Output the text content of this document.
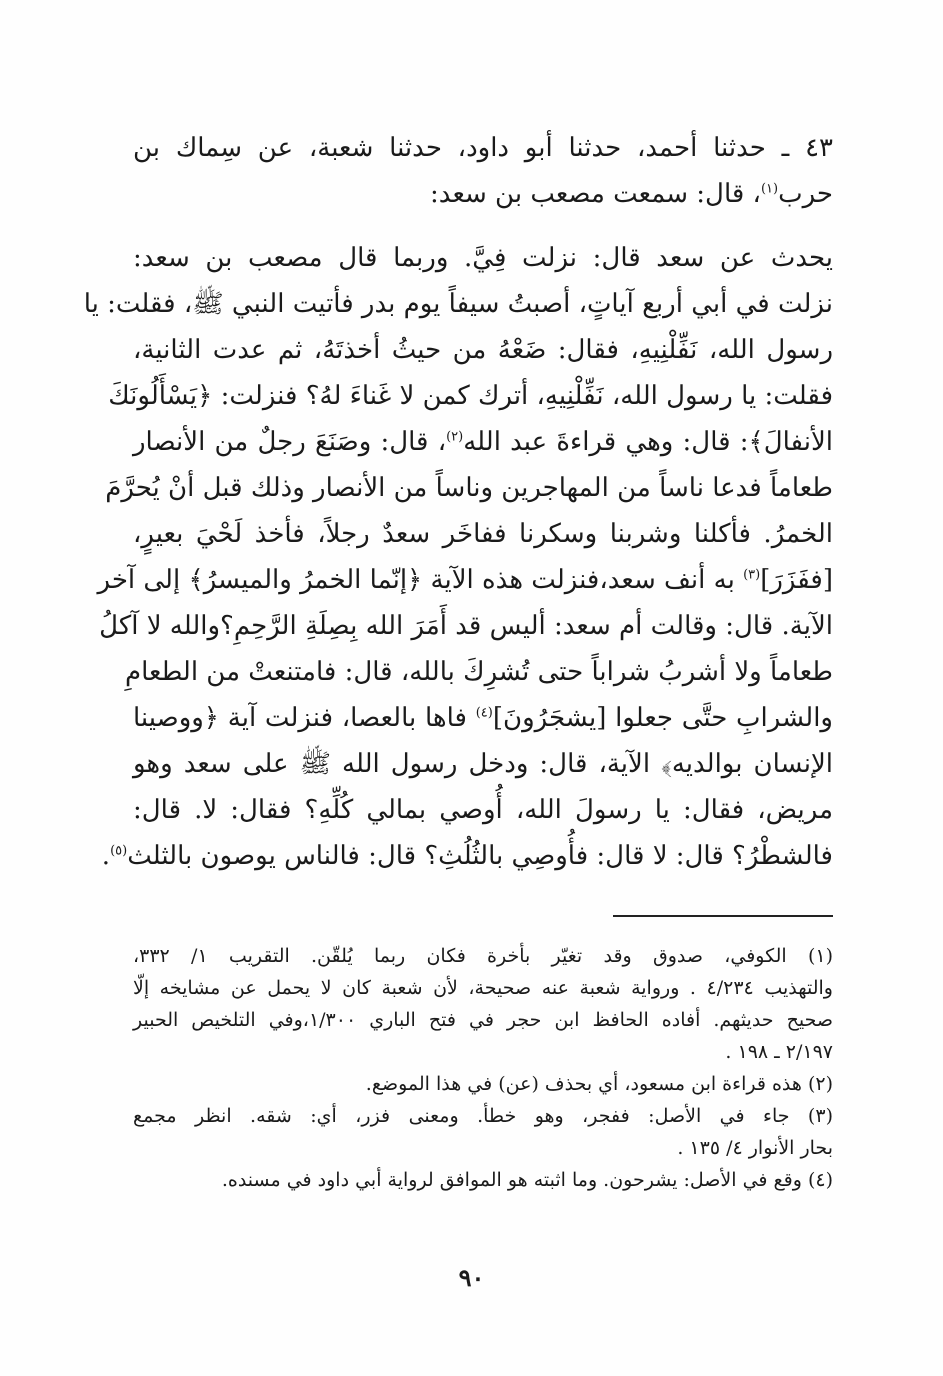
٤٣ ـ حدثنا أحمد، حدثنا أبو داود، حدثنا شعبة، عن سِماك بن
حرب$^{(١)}$، قال: سمعت مصعب بن سعد:
يحدث عن سعد قال: نزلت فِيَّ. وربما قال مصعب بن سعد:
نزلت في أبي أربع آياتٍ، أصبتُ سيفاً يوم بدر فأتيت النبي ﷺ، فقلت: يا
رسول الله، نَفِّلْنِيهِ، فقال: ضَعْهُ من حيثُ أخذتَهُ، ثم عدت الثانية،
فقلت: يا رسول الله، نَفِّلْنِيهِ، أترك كمن لا غَناءَ لهُ؟ فنزلت: ﴿يَسْأَلُونَكَ
الأنفالَ﴾: قال: وهي قراءةَ عبد الله$^{(٢)}$، قال: وصَنَعَ رجلٌ من الأنصار
طعاماً فدعا ناساً من المهاجرين وناساً من الأنصار وذلك قبل أنْ يُحرَّمَ
الخمرُ. فأكلنا وشربنا وسكرنا ففاخَر سعدٌ رجلاً، فأخذ لَحْيَ بعيرٍ،
[ففَزَرَ]$^{(٣)}$ به أنف سعد،فنزلت هذه الآية ﴿إنّما الخمرُ والميسرُ﴾ إلى آخر
الآية. قال: وقالت أم سعد: أليس قد أَمَرَ الله بِصِلَةِ الرَّحِمِ؟والله لا آكلُ
طعاماً ولا أشربُ شراباً حتى تُشرِكَ بالله، قال: فامتنعتْ من الطعامِ
والشرابِ حتَّى جعلوا [يشجَرُونَ]$^{(٤)}$ فاها بالعصا، فنزلت آية ﴿ووصينا
الإنسان بوالديه﴾ الآية، قال: ودخل رسول الله ﷺ على سعد وهو
مريض، فقال: يا رسولَ الله، أُوصي بمالي كُلِّهِ؟ فقال: لا. قال:
فالشطْرُ؟ قال: لا قال: فأُوصِي بالثُلُثِ؟ قال: فالناس يوصون بالثلث$^{(٥)}$.
(١) الكوفي، صدوق وقد تغيّر بأخرة فكان ربما يُلقّن. التقريب ١/ ٣٣٢،
والتهذيب ٤/٢٣٤ . ورواية شعبة عنه صحيحة، لأن شعبة كان لا يحمل عن مشايخه إلّا
صحيح حديثهم. أفاده الحافظ ابن حجر في فتح الباري ١/٣٠٠،وفي التلخيص الحبير
٢/١٩٧ ـ ١٩٨ .
(٢) هذه قراءة ابن مسعود، أي بحذف (عن) في هذا الموضع.
(٣) جاء في الأصل: ففجر، وهو خطأ. ومعنى فزر، أي: شقه. انظر مجمع
بحار الأنوار ٤/ ١٣٥ .
(٤) وقع في الأصل: يشرحون. وما اثبته هو الموافق لرواية أبي داود في مسنده.
٩٠
